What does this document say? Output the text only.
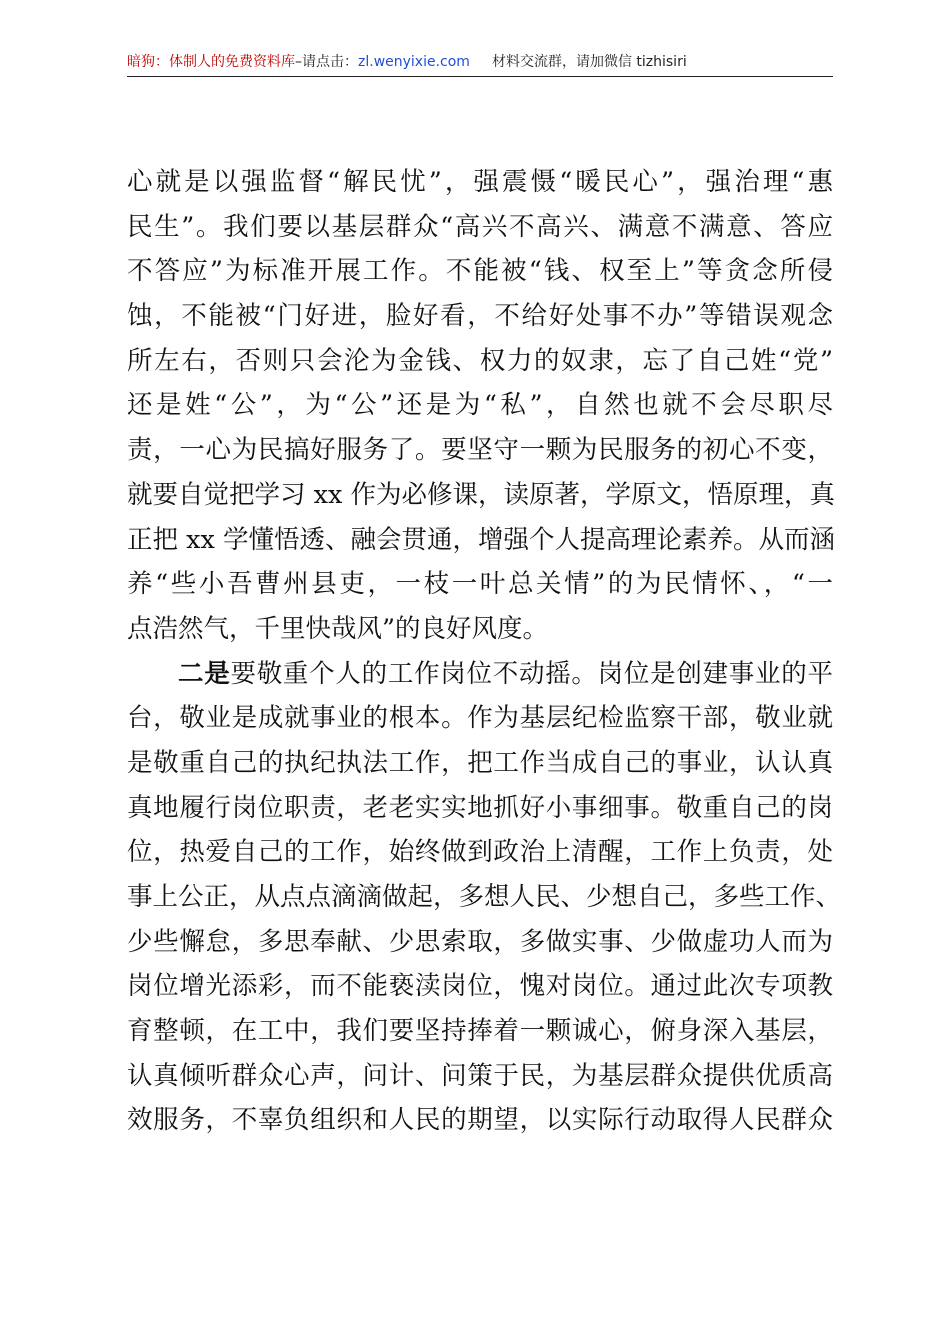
暗狗：体制人的免费资料库–请点击：zl.wenyixie.com 材料交流群，请加微信 tizhisiri
心就是以强监督“解民忧”，强震慑“暖民心”，强治理“惠
民生”。我们要以基层群众“高兴不高兴、满意不满意、答应
不答应”为标准开展工作。不能被“钱、权至上”等贪念所侵
蚀，不能被“门好进，脸好看，不给好处事不办”等错误观念
所左右，否则只会沦为金钱、权力的奴隶，忘了自己姓“党”
还是姓“公”，为“公”还是为“私”，自然也就不会尽职尽
责，一心为民搞好服务了。要坚守一颗为民服务的初心不变，
就要自觉把学习 xx 作为必修课，读原著，学原文，悟原理，真
正把 xx 学懂悟透、融会贯通，增强个人提高理论素养。从而涵
养“些小吾曹州县吏，一枝一叶总关情”的为民情怀、，“一
点浩然气，千里快哉风”的良好风度。
二是要敬重个人的工作岗位不动摇。岗位是创建事业的平
台，敬业是成就事业的根本。作为基层纪检监察干部，敬业就
是敬重自己的执纪执法工作，把工作当成自己的事业，认认真
真地履行岗位职责，老老实实地抓好小事细事。敬重自己的岗
位，热爱自己的工作，始终做到政治上清醒，工作上负责，处
事上公正，从点点滴滴做起，多想人民、少想自己，多些工作、
少些懈怠，多思奉献、少思索取，多做实事、少做虚功人而为
岗位增光添彩，而不能亵渎岗位，愧对岗位。通过此次专项教
育整顿，在工中，我们要坚持捧着一颗诚心，俯身深入基层，
认真倾听群众心声，问计、问策于民，为基层群众提供优质高
效服务，不辜负组织和人民的期望，以实际行动取得人民群众
